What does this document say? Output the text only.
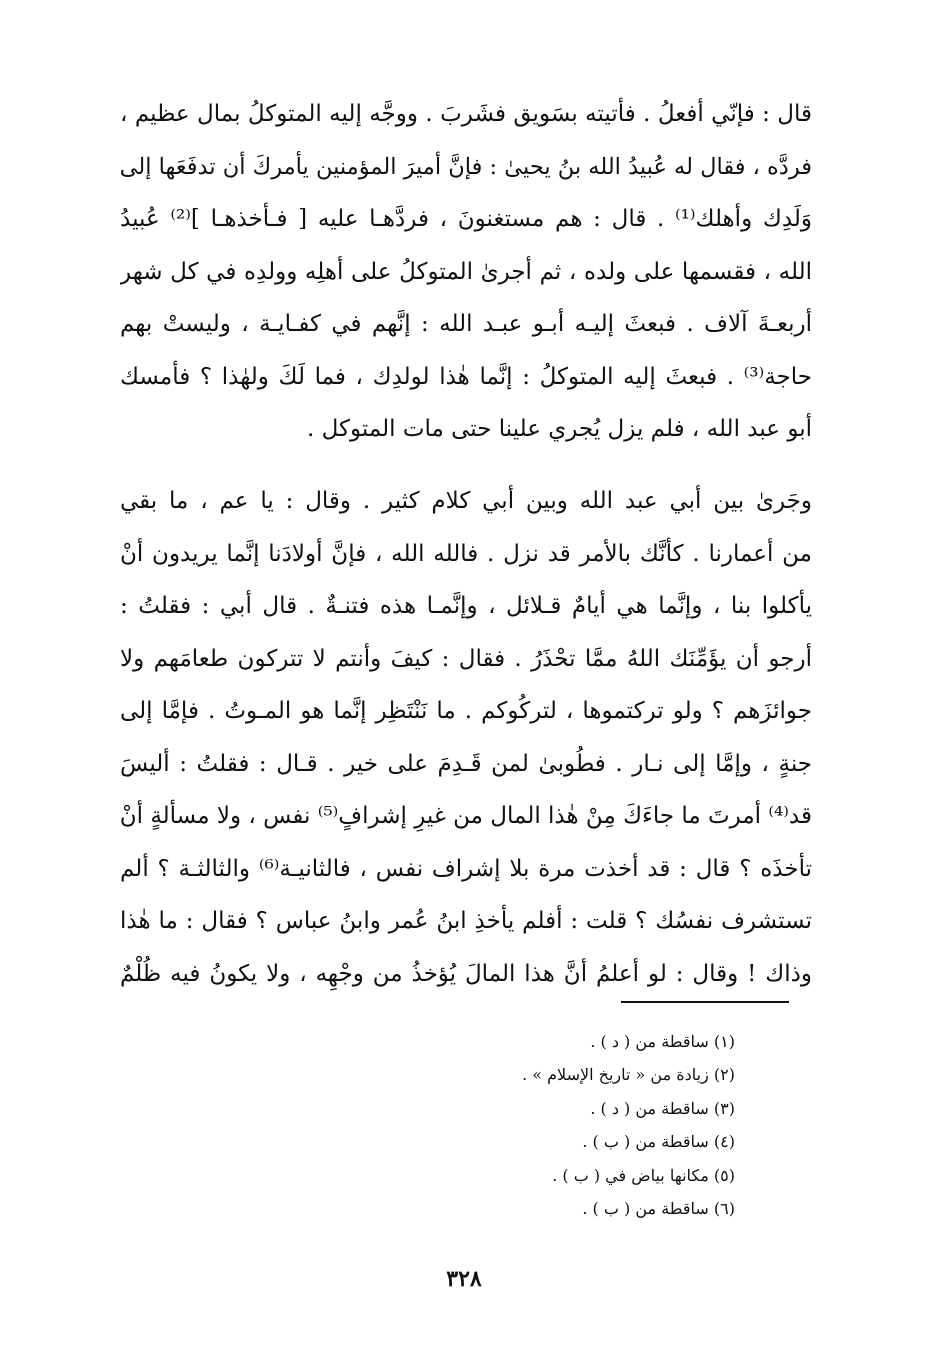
قال : فإنّي أفعلُ . فأتيته بسَويق فشَربَ . ووجَّه إليه المتوكلُ بمال عظيم ،
فردَّه ، فقال له عُبيدُ الله بنُ يحيىٰ : فإنَّ أميرَ المؤمنين يأمركَ أن تدفَعَها إلى
وَلَدِك وأهلك⁽¹⁾ . قال : هم مستغنونَ ، فردَّهـا عليه [ فـأخذهـا ]⁽²⁾ عُبيدُ
الله ، فقسمها على ولده ، ثم أجرىٰ المتوكلُ على أهلِه وولدِه في كل شهر
أربعـةَ آلاف . فبعثَ إليـه أبـو عبـد الله : إنَّهم في كفـايـة ، وليستْ بهم
حاجة⁽³⁾ . فبعثَ إليه المتوكلُ : إنَّما هٰذا لولدِك ، فما لَكَ ولهٰذا ؟ فأمسك
أبو عبد الله ، فلم يزل يُجري علينا حتى مات المتوكل .
وجَرىٰ بين أبي عبد الله وبين أبي كلام كثير . وقال : يا عم ، ما بقي
من أعمارنا . كأنَّك بالأمر قد نزل . فالله الله ، فإنَّ أولادَنا إنَّما يريدون أنْ
يأكلوا بنا ، وإنَّما هي أيامٌ قـلائل ، وإنَّمـا هذه فتنـةٌ . قال أبي : فقلتُ :
أرجو أن يؤَمِّنَك اللهُ ممَّا تحْذَرُ . فقال : كيفَ وأنتم لا تتركون طعامَهم ولا
جوائزَهم ؟ ولو تركتموها ، لتركُوكم . ما نَنْتَظِر إنَّما هو المـوتُ . فإمَّا إلى
جنةٍ ، وإمَّا إلى نـار . فطُوبىٰ لمن قَـدِمَ على خير . قـال : فقلتُ : أليسَ
قد⁽⁴⁾ أمرتَ ما جاءَكَ مِنْ هٰذا المال من غيرِ إشرافٍ⁽⁵⁾ نفس ، ولا مسألةٍ أنْ
تأخذَه ؟ قال : قد أخذت مرة بلا إشراف نفس ، فالثانيـة⁽⁶⁾ والثالثـة ؟ ألم
تستشرف نفسُك ؟ قلت : أفلم يأخذِ ابنُ عُمر وابنُ عباس ؟ فقال : ما هٰذا
وذاك ! وقال : لو أعلمُ أنَّ هذا المالَ يُؤخذُ من وجْهِه ، ولا يكونُ فيه ظُلْمٌ
(١) ساقطة من ( د ) .
(٢) زيادة من « تاريخ الإسلام » .
(٣) ساقطة من ( د ) .
(٤) ساقطة من ( ب ) .
(٥) مكانها بياض في ( ب ) .
(٦) ساقطة من ( ب ) .
٣٢٨
